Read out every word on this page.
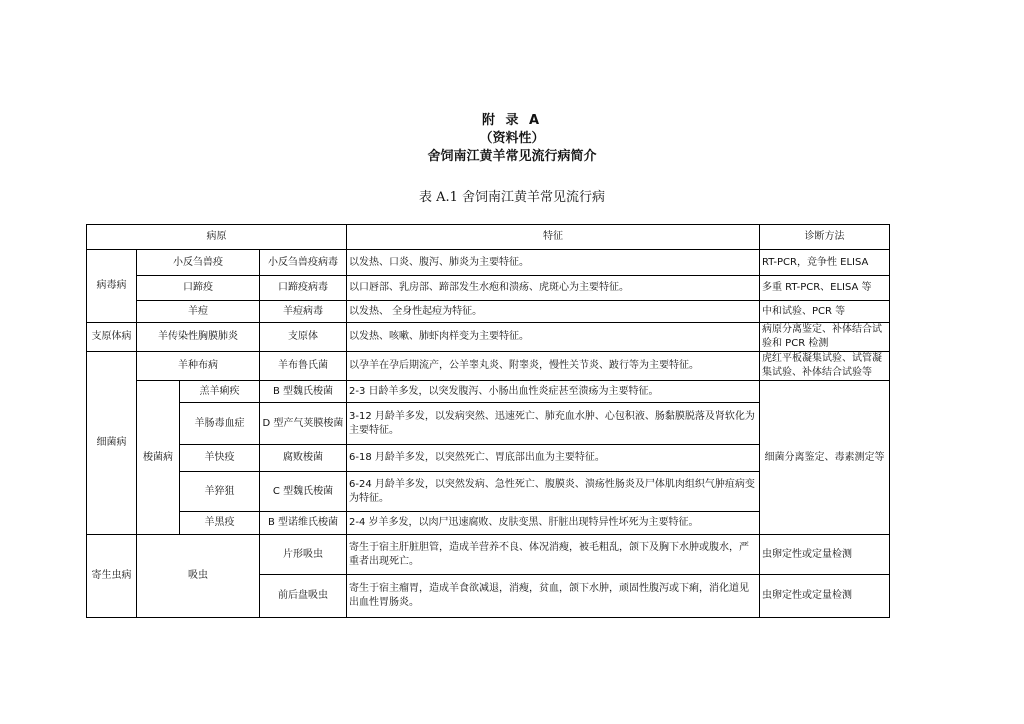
附 录 A
（资料性）
舍饲南江黄羊常见流行病简介
表 A.1 舍饲南江黄羊常见流行病
病原				特征	诊断方法
病毒病	小反刍兽疫		小反刍兽疫病毒	以发热、口炎、腹泻、肺炎为主要特征。	RT-PCR，竞争性 ELISA
	口蹄疫		口蹄疫病毒	以口唇部、乳房部、蹄部发生水疱和溃疡、虎斑心为主要特征。	多重 RT-PCR、ELISA 等
	羊痘		羊痘病毒	以发热、 全身性起痘为特征。	中和试验、PCR 等
支原体病	羊传染性胸膜肺炎		支原体	以发热、咳嗽、肺虾肉样变为主要特征。	病原分离鉴定、补体结合试验和 PCR 检测
细菌病	羊种布病		羊布鲁氏菌	以孕羊在孕后期流产，公羊睾丸炎、附睾炎，慢性关节炎、跛行等为主要特征。	虎红平板凝集试验、试管凝集试验、补体结合试验等
	梭菌病	羔羊痢疾	B 型魏氏梭菌	2-3 日龄羊多发，以突发腹泻、小肠出血性炎症甚至溃疡为主要特征。	细菌分离鉴定、毒素测定等
		羊肠毒血症	D 型产气荚膜梭菌	3-12 月龄羊多发，以发病突然、迅速死亡、肺充血水肿、心包积液、肠黏膜脱落及肾软化为主要特征。	
		羊快疫	腐败梭菌	6-18 月龄羊多发，以突然死亡、胃底部出血为主要特征。	
		羊猝狙	C 型魏氏梭菌	6-24 月龄羊多发，以突然发病、急性死亡、腹膜炎、溃疡性肠炎及尸体肌肉组织气肿疽病变为特征。	
		羊黑疫	B 型诺维氏梭菌	2-4 岁羊多发，以肉尸迅速腐败、皮肤变黑、肝脏出现特异性坏死为主要特征。	
寄生虫病	吸虫		片形吸虫	寄生于宿主肝脏胆管，造成羊营养不良、体况消瘦，被毛粗乱，颌下及胸下水肿或腹水，严重者出现死亡。	虫卵定性或定量检测
			前后盘吸虫	寄生于宿主瘤胃，造成羊食欲减退，消瘦，贫血，颌下水肿，顽固性腹泻或下痢，消化道见出血性胃肠炎。	虫卵定性或定量检测
